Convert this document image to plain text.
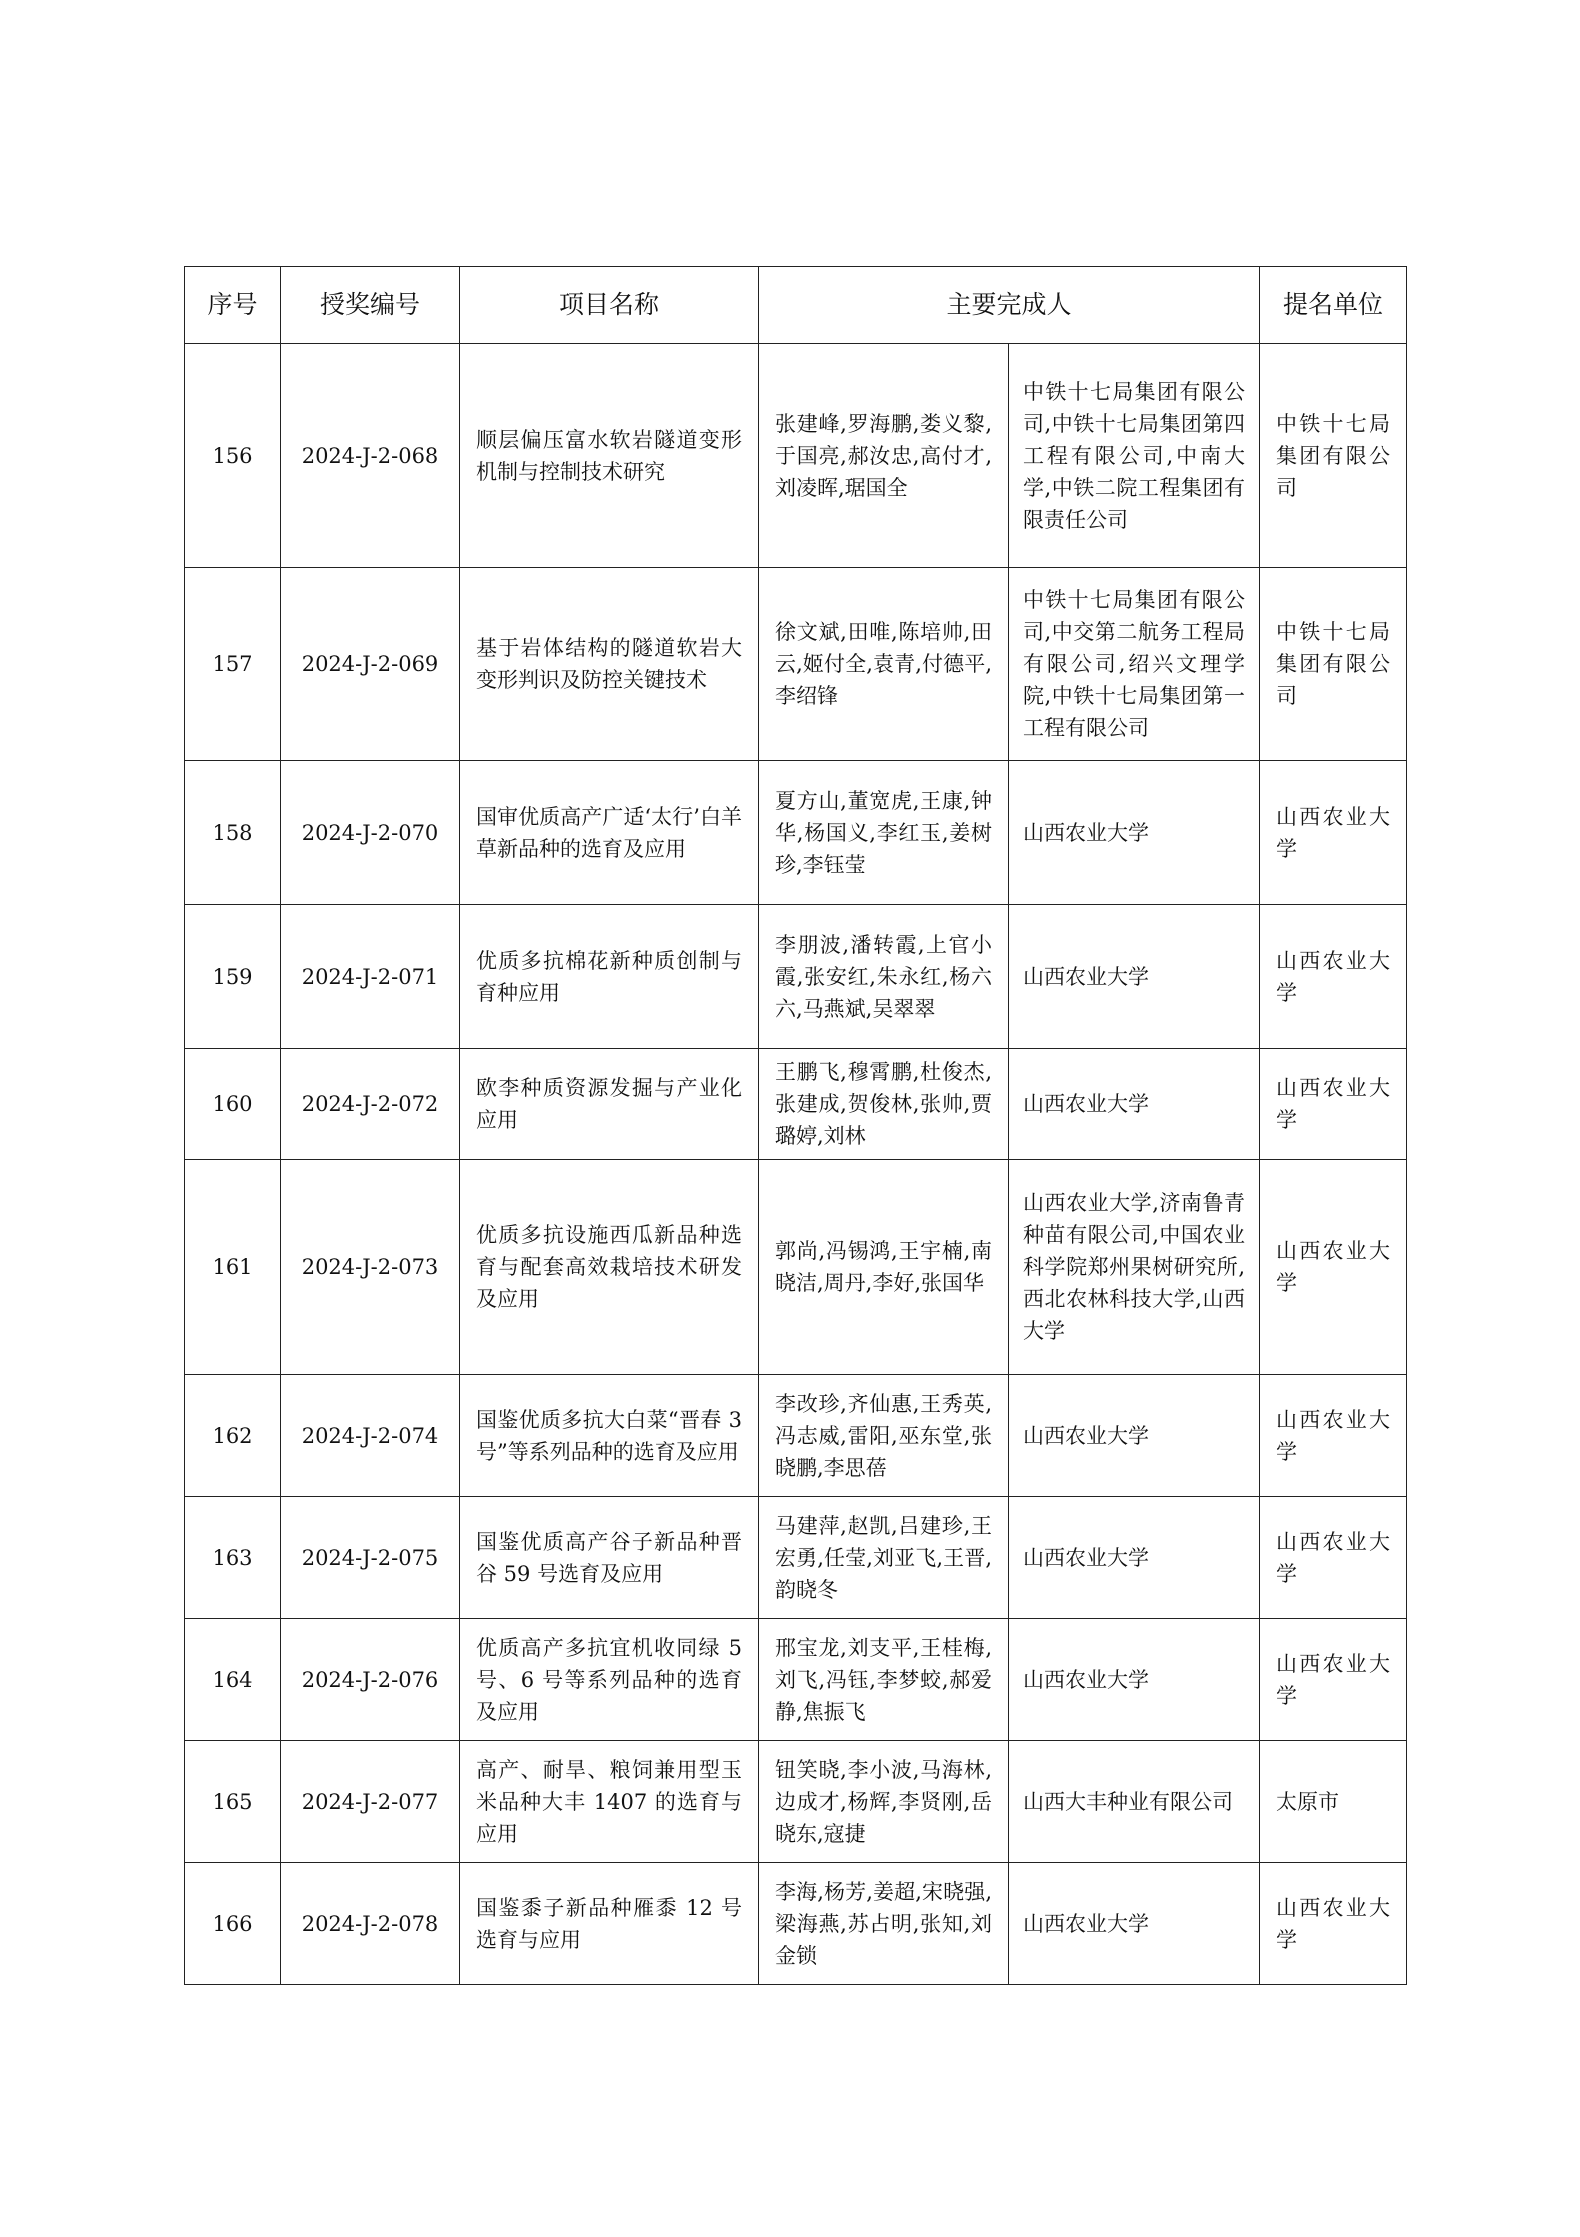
序号	授奖编号	项目名称	主要完成人		提名单位
156	2024-J-2-068	顺层偏压富水软岩隧道变形机制与控制技术研究	张建峰,罗海鹏,娄义黎,于国亮,郝汝忠,高付才,刘凌晖,琚国全	中铁十七局集团有限公司,中铁十七局集团第四工程有限公司,中南大学,中铁二院工程集团有限责任公司	中铁十七局集团有限公司
157	2024-J-2-069	基于岩体结构的隧道软岩大变形判识及防控关键技术	徐文斌,田唯,陈培帅,田云,姬付全,袁青,付德平,李绍锋	中铁十七局集团有限公司,中交第二航务工程局有限公司,绍兴文理学院,中铁十七局集团第一工程有限公司	中铁十七局集团有限公司
158	2024-J-2-070	国审优质高产广适‘太行’白羊草新品种的选育及应用	夏方山,董宽虎,王康,钟华,杨国义,李红玉,姜树珍,李钰莹	山西农业大学	山西农业大学
159	2024-J-2-071	优质多抗棉花新种质创制与育种应用	李朋波,潘转霞,上官小霞,张安红,朱永红,杨六六,马燕斌,吴翠翠	山西农业大学	山西农业大学
160	2024-J-2-072	欧李种质资源发掘与产业化应用	王鹏飞,穆霄鹏,杜俊杰,张建成,贺俊林,张帅,贾璐婷,刘林	山西农业大学	山西农业大学
161	2024-J-2-073	优质多抗设施西瓜新品种选育与配套高效栽培技术研发及应用	郭尚,冯锡鸿,王宇楠,南晓洁,周丹,李好,张国华	山西农业大学,济南鲁青种苗有限公司,中国农业科学院郑州果树研究所,西北农林科技大学,山西大学	山西农业大学
162	2024-J-2-074	国鉴优质多抗大白菜“晋春 3 号”等系列品种的选育及应用	李改珍,齐仙惠,王秀英,冯志威,雷阳,巫东堂,张晓鹏,李思蓓	山西农业大学	山西农业大学
163	2024-J-2-075	国鉴优质高产谷子新品种晋谷 59 号选育及应用	马建萍,赵凯,吕建珍,王宏勇,任莹,刘亚飞,王晋,韵晓冬	山西农业大学	山西农业大学
164	2024-J-2-076	优质高产多抗宜机收同绿 5 号、6 号等系列品种的选育及应用	邢宝龙,刘支平,王桂梅,刘飞,冯钰,李梦蛟,郝爱静,焦振飞	山西农业大学	山西农业大学
165	2024-J-2-077	高产、耐旱、粮饲兼用型玉米品种大丰 1407 的选育与应用	钮笑晓,李小波,马海林,边成才,杨辉,李贤刚,岳晓东,寇捷	山西大丰种业有限公司	太原市
166	2024-J-2-078	国鉴黍子新品种雁黍 12 号选育与应用	李海,杨芳,姜超,宋晓强,梁海燕,苏占明,张知,刘金锁	山西农业大学	山西农业大学
